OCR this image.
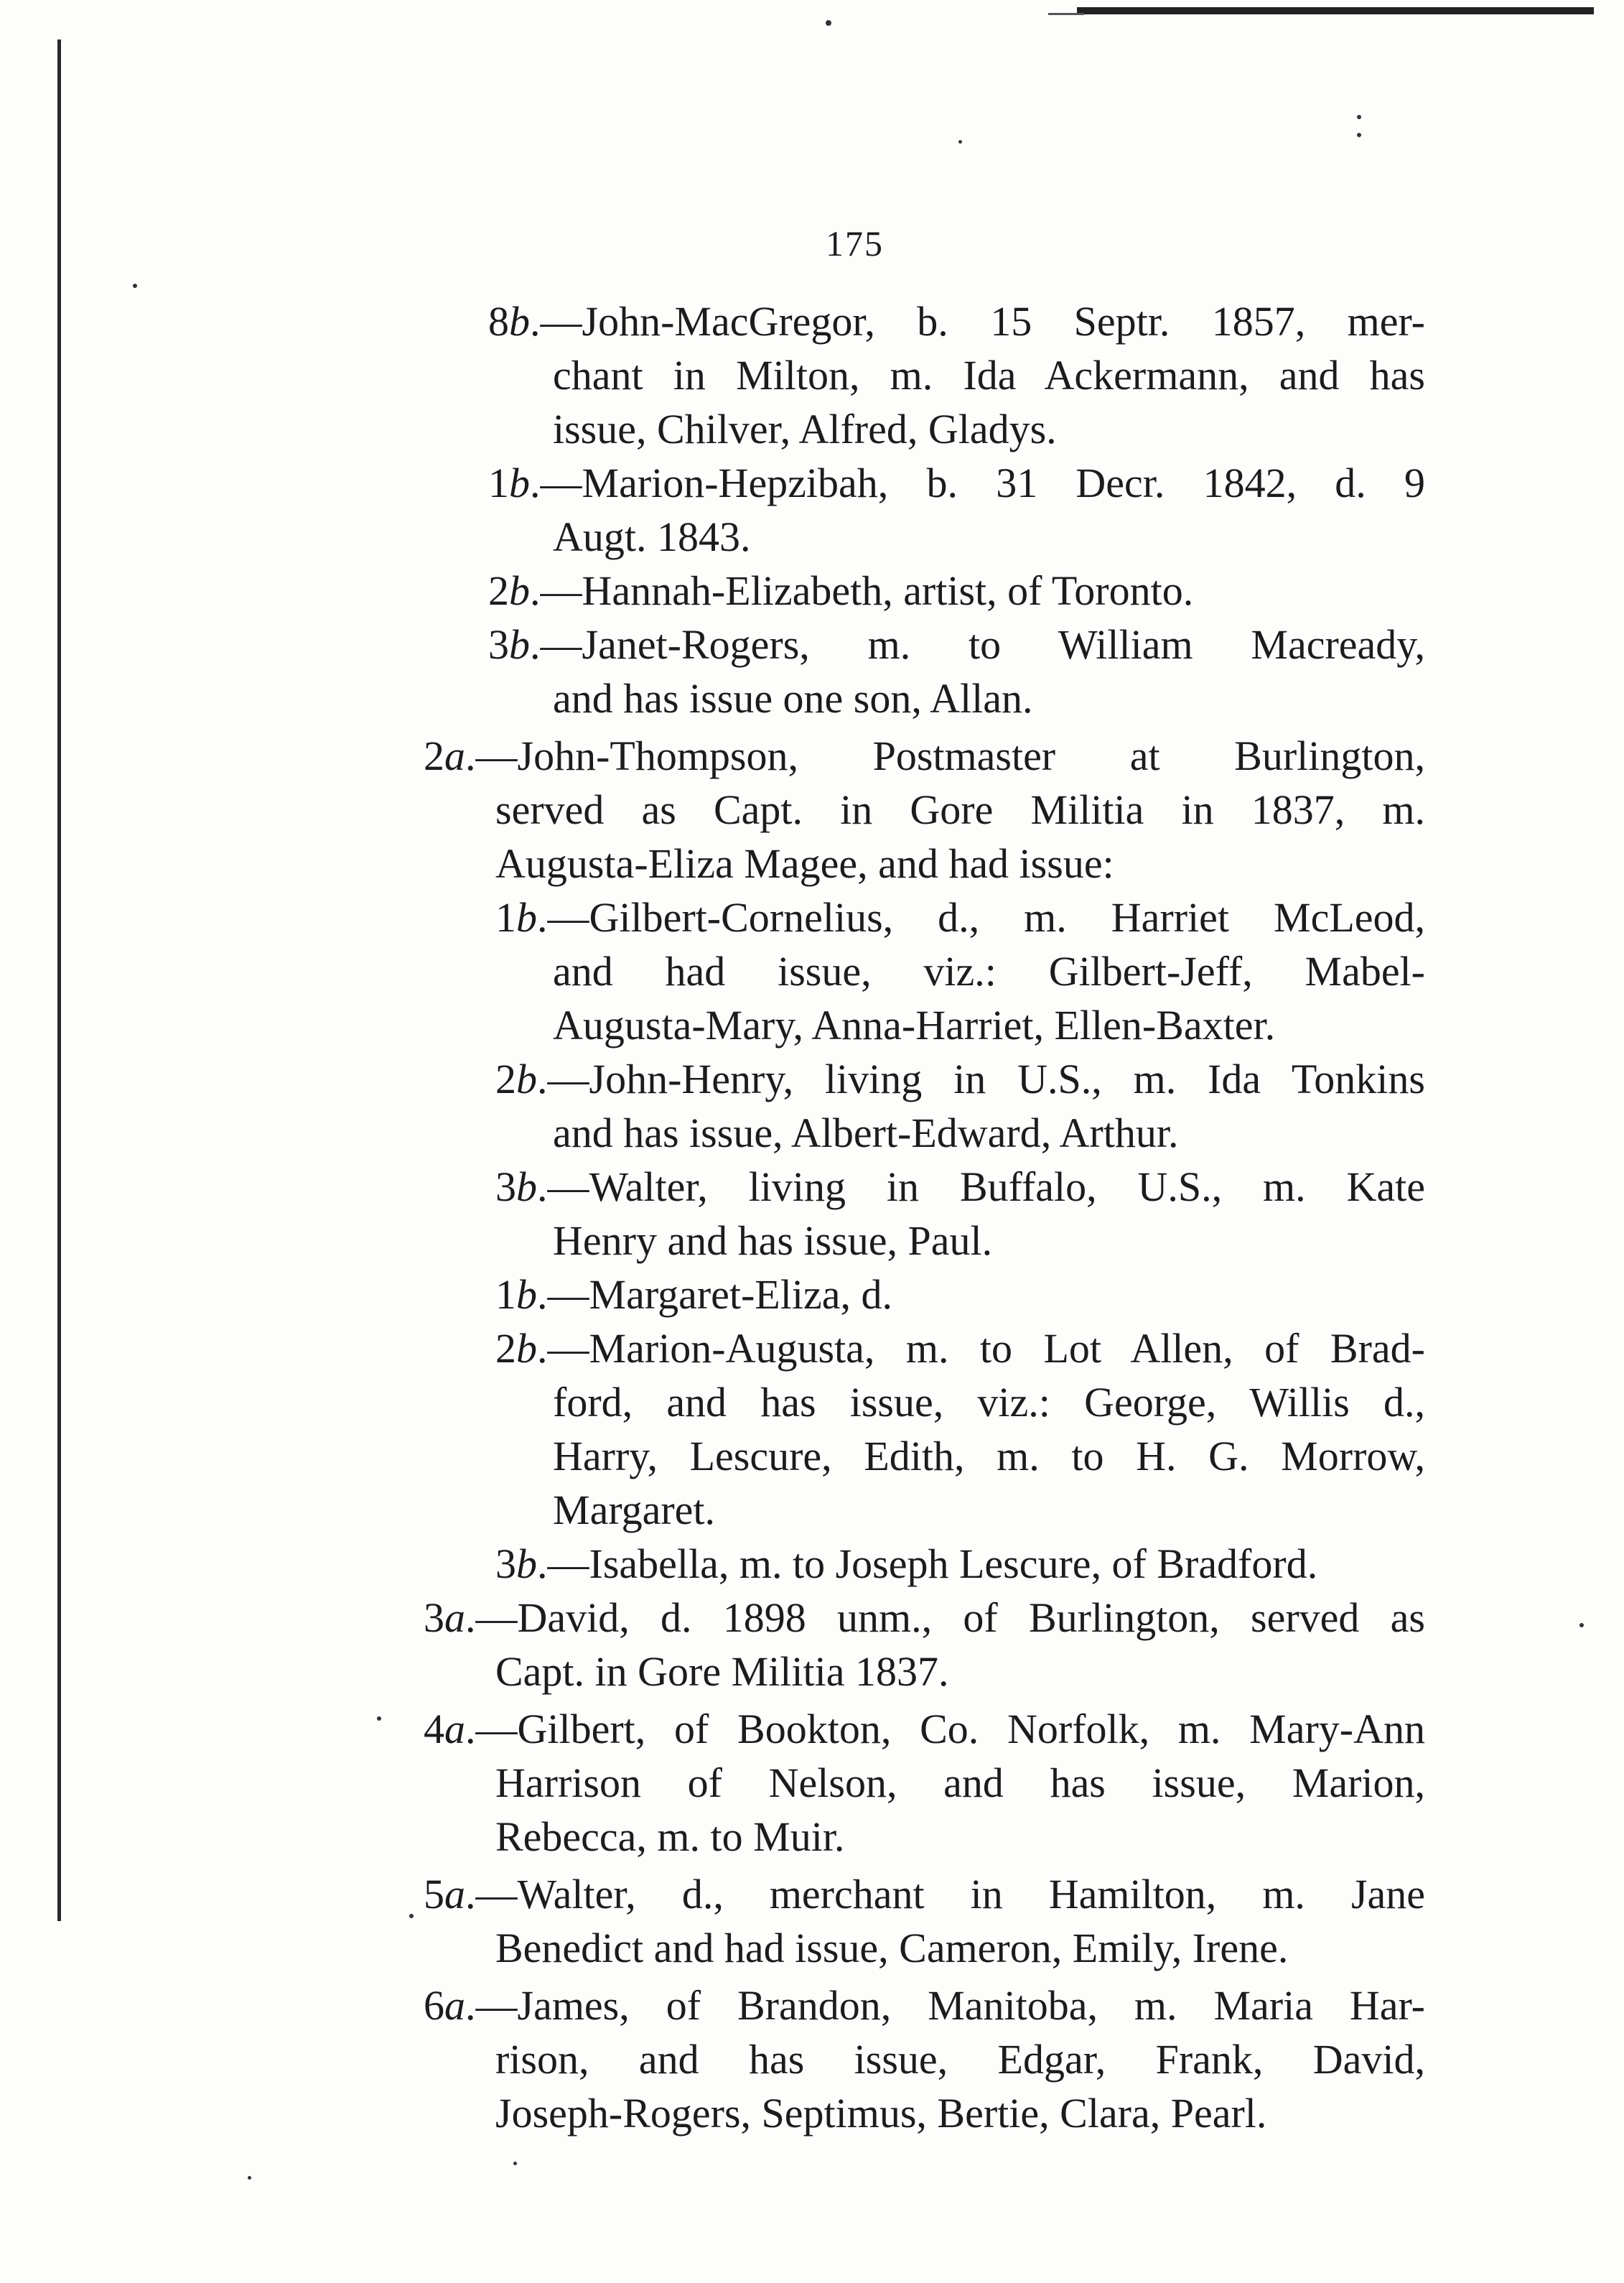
175
8b.—John-MacGregor, b. 15 Septr. 1857, mer-
chant in Milton, m. Ida Ackermann, and has
issue, Chilver, Alfred, Gladys.
1b.—Marion-Hepzibah, b. 31 Decr. 1842, d. 9
Augt. 1843.
2b.—Hannah-Elizabeth, artist, of Toronto.
3b.—Janet-Rogers, m. to William Macready,
and has issue one son, Allan.
2a.—John-Thompson, Postmaster at Burlington,
served as Capt. in Gore Militia in 1837, m.
Augusta-Eliza Magee, and had issue:
1b.—Gilbert-Cornelius, d., m. Harriet McLeod,
and had issue, viz.: Gilbert-Jeff, Mabel-
Augusta-Mary, Anna-Harriet, Ellen-Baxter.
2b.—John-Henry, living in U.S., m. Ida Tonkins
and has issue, Albert-Edward, Arthur.
3b.—Walter, living in Buffalo, U.S., m. Kate
Henry and has issue, Paul.
1b.—Margaret-Eliza, d.
2b.—Marion-Augusta, m. to Lot Allen, of Brad-
ford, and has issue, viz.: George, Willis d.,
Harry, Lescure, Edith, m. to H. G. Morrow,
Margaret.
3b.—Isabella, m. to Joseph Lescure, of Bradford.
3a.—David, d. 1898 unm., of Burlington, served as
Capt. in Gore Militia 1837.
4a.—Gilbert, of Bookton, Co. Norfolk, m. Mary-Ann
Harrison of Nelson, and has issue, Marion,
Rebecca, m. to Muir.
5a.—Walter, d., merchant in Hamilton, m. Jane
Benedict and had issue, Cameron, Emily, Irene.
6a.—James, of Brandon, Manitoba, m. Maria Har-
rison, and has issue, Edgar, Frank, David,
Joseph-Rogers, Septimus, Bertie, Clara, Pearl.
